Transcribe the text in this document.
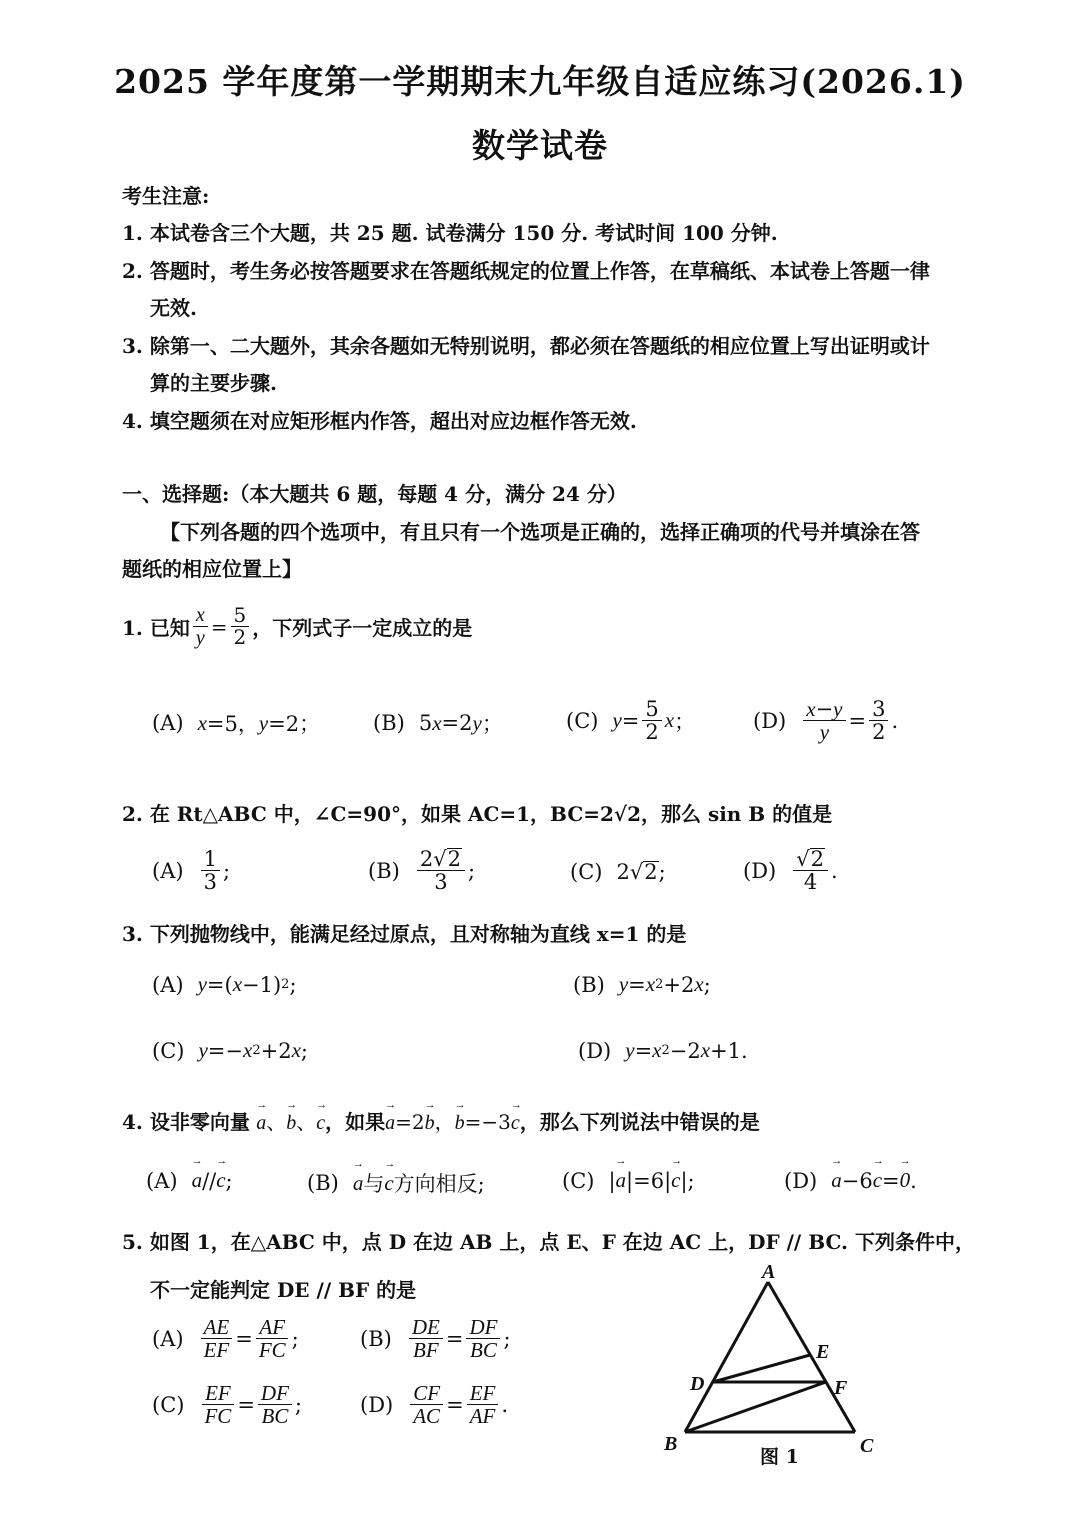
2025 学年度第一学期期末九年级自适应练习(2026.1)
数学试卷
考生注意:
1. 本试卷含三个大题，共 25 题. 试卷满分 150 分. 考试时间 100 分钟.
2. 答题时，考生务必按答题要求在答题纸规定的位置上作答，在草稿纸、本试卷上答题一律
无效.
3. 除第一、二大题外，其余各题如无特别说明，都必须在答题纸的相应位置上写出证明或计
算的主要步骤.
4. 填空题须在对应矩形框内作答，超出对应边框作答无效.
一、选择题:（本大题共 6 题，每题 4 分，满分 24 分）
【下列各题的四个选项中，有且只有一个选项是正确的，选择正确项的代号并填涂在答
题纸的相应位置上】
1. 已知 $\frac{x}{y} = \frac{5}{2}$ ，下列式子一定成立的是
(A) x =5， y =2；	(B) 5 x =2 y ；	(C) $y = \frac{5}{2}$ x ；	$(D) \frac{x-y}{y} = \frac{3}{2}$ .
2. 在 Rt△ABC 中，∠C=90°，如果 AC=1，BC=2√2，那么 sin B 的值是
$(A) \frac{1}{3}$ ;	$(B) \frac{2√2}{3}$ ;	(C) 2√ 2 ;	$(D) \frac{√2}{4}$ .
3. 下列抛物线中，能满足经过原点，且对称轴为直线 x=1 的是
(A) y =( x −1) 2 ;	(B) y = x 2 +2 x ;
(C) y =− x 2 +2 x ;	(D) y = x 2 −2 x +1.
4. 设非零向量 → a、→ b、→ c ，如果 → a=2→ b，→ b=−3→ c ，那么下列说法中错误的是
(A) → a // → c ;	(B) → a 与 → c 方向相反;	(C) | → a |=6| → c |;	(D) → a −6 → c = → 0 .
5. 如图 1，在△ABC 中，点 D 在边 AB 上，点 E、F 在边 AC 上，DF // BC. 下列条件中，
不一定能判定 DE // BF 的是
$(A) \frac{AE}{EF} = \frac{AF}{FC}$ ;	$(B) \frac{DE}{BF} = \frac{DF}{BC}$ ;
$(C) \frac{EF}{FC} = \frac{DF}{BC}$ ;	$(D) \frac{CF}{AC} = \frac{EF}{AF}$ .
A
B	C
D
E
F
图 1
